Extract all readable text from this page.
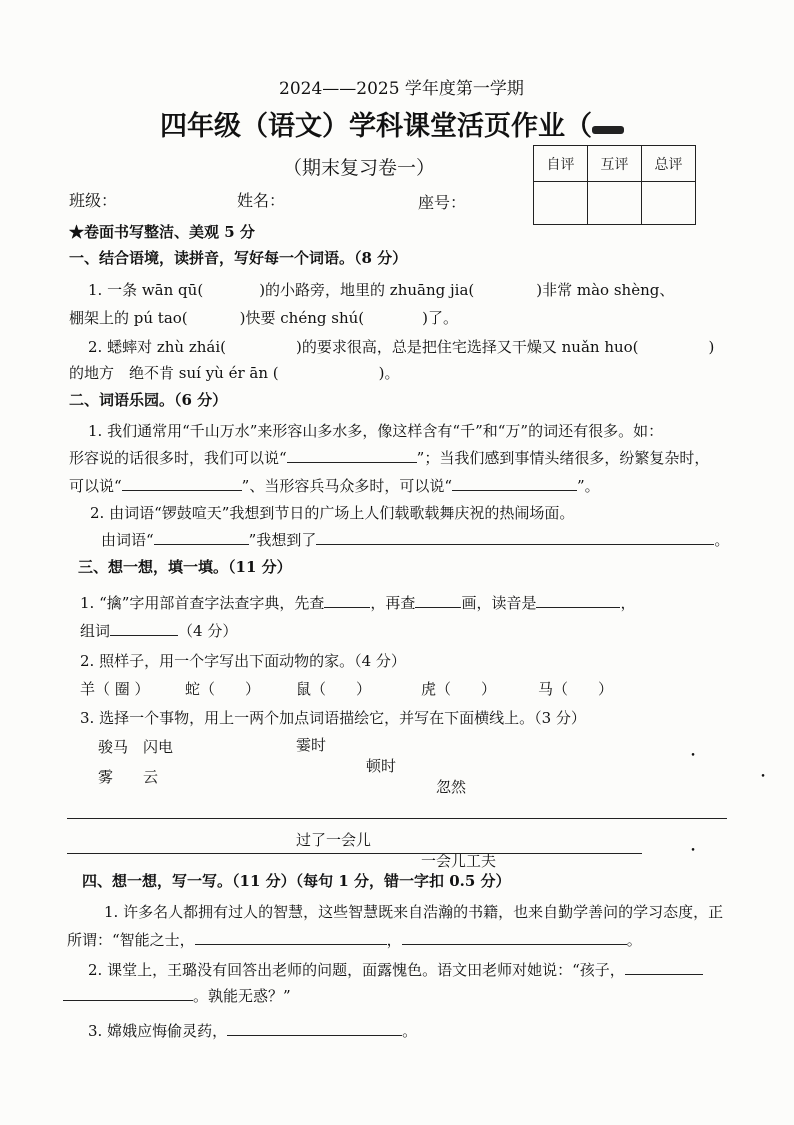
2024——2025 学年度第一学期
四年级（语文）学科课堂活页作业（
（期末复习卷一）	自评	互评	总评

班级：	姓名：	座号：
★卷面书写整洁、美观 5 分
一、结合语境，读拼音，写好每一个词语。（8 分）
1. 一条 wān qū(	)的小路旁，地里的 zhuāng jia(	)非常 mào shèng、
棚架上的 pú tao(	)快要 chéng shú(	)了。
2. 蟋蟀对 zhù zhái(	)的要求很高，总是把住宅选择又干燥又 nuǎn huo(	)
的地方　绝不肯 suí yù ér ān (	)。
二、词语乐园。（6 分）
1. 我们通常用“千山万水”来形容山多水多，像这样含有“千”和“万”的词还有很多。如：
形容说的话很多时，我们可以说“	”；当我们感到事情头绪很多，纷繁复杂时，
可以说“	”、当形容兵马众多时，可以说“	”。
2. 由词语“锣鼓喧天”我想到节日的广场上人们载歌载舞庆祝的热闹场面。
由词语“	”我想到了	。
三、想一想，填一填。（11 分）
1. “擒”字用部首查字法查字典，先查	，再查	画，读音是	，
组词	（4 分）
2. 照样子，用一个字写出下面动物的家。（4 分）
羊（ 圈 ） 蛇（　　） 鼠（　　）	虎（　　）	马（　　）
3. 选择一个事物，用上一两个加点词语描绘它，并写在下面横线上。（3 分）
骏马　闪电
雾　　云
霎时 •
顿时 •
忽然 •
过了一会儿 •
一会儿工夫 •
四、想一想，写一写。（11 分）（每句 1 分，错一字扣 0.5 分）
1. 许多名人都拥有过人的智慧，这些智慧既来自浩瀚的书籍，也来自勤学善问的学习态度，正
所谓：“智能之士，	，	。
2. 课堂上，王璐没有回答出老师的问题，面露愧色。语文田老师对她说：“孩子，
。孰能无惑？”
3. 嫦娥应悔偷灵药，	。
